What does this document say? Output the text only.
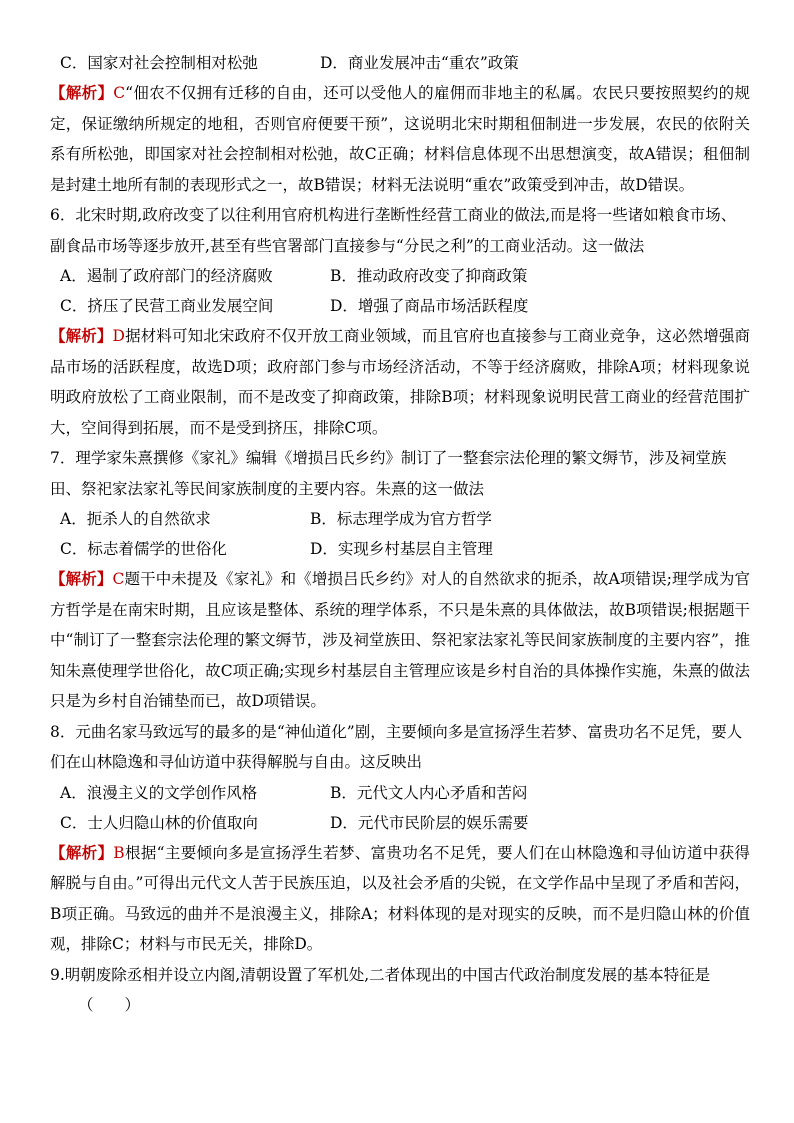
C．国家对社会控制相对松弛	D．商业发展冲击“重农”政策
【解析】C“佃农不仅拥有迁移的自由，还可以受他人的雇佣而非地主的私属。农民只要按照契约的规定，保证缴纳所规定的地租，否则官府便要干预”，这说明北宋时期租佃制进一步发展，农民的依附关系有所松弛，即国家对社会控制相对松弛，故C正确；材料信息体现不出思想演变，故A错误；租佃制是封建土地所有制的表现形式之一，故B错误；材料无法说明“重农”政策受到冲击，故D错误。
6．北宋时期,政府改变了以往利用官府机构进行垄断性经营工商业的做法,而是将一些诸如粮食市场、副食品市场等逐步放开,甚至有些官署部门直接参与“分民之利”的工商业活动。这一做法
A．遏制了政府部门的经济腐败	B．推动政府改变了抑商政策
C．挤压了民营工商业发展空间	D．增强了商品市场活跃程度
【解析】D据材料可知北宋政府不仅开放工商业领域，而且官府也直接参与工商业竞争，这必然增强商品市场的活跃程度，故选D项；政府部门参与市场经济活动，不等于经济腐败，排除A项；材料现象说明政府放松了工商业限制，而不是改变了抑商政策，排除B项；材料现象说明民营工商业的经营范围扩大，空间得到拓展，而不是受到挤压，排除C项。
7．理学家朱熹撰修《家礼》编辑《增损吕氏乡约》制订了一整套宗法伦理的繁文缛节，涉及祠堂族田、祭祀家法家礼等民间家族制度的主要内容。朱熹的这一做法
A．扼杀人的自然欲求	B．标志理学成为官方哲学
C．标志着儒学的世俗化	D．实现乡村基层自主管理
【解析】C题干中未提及《家礼》和《增损吕氏乡约》对人的自然欲求的扼杀，故A项错误;理学成为官方哲学是在南宋时期，且应该是整体、系统的理学体系，不只是朱熹的具体做法，故B项错误;根据题干中“制订了一整套宗法伦理的繁文缛节，涉及祠堂族田、祭祀家法家礼等民间家族制度的主要内容”，推知朱熹使理学世俗化，故C项正确;实现乡村基层自主管理应该是乡村自治的具体操作实施，朱熹的做法只是为乡村自治铺垫而已，故D项错误。
8．元曲名家马致远写的最多的是“神仙道化”剧，主要倾向多是宣扬浮生若梦、富贵功名不足凭，要人们在山林隐逸和寻仙访道中获得解脱与自由。这反映出
A．浪漫主义的文学创作风格	B．元代文人内心矛盾和苦闷
C．士人归隐山林的价值取向	D．元代市民阶层的娱乐需要
【解析】B根据“主要倾向多是宣扬浮生若梦、富贵功名不足凭，要人们在山林隐逸和寻仙访道中获得解脱与自由。”可得出元代文人苦于民族压迫，以及社会矛盾的尖锐，在文学作品中呈现了矛盾和苦闷，B项正确。马致远的曲并不是浪漫主义，排除A；材料体现的是对现实的反映，而不是归隐山林的价值观，排除C；材料与市民无关，排除D。
9.明朝废除丞相并设立内阁,清朝设置了军机处,二者体现出的中国古代政治制度发展的基本特征是
（　　）
